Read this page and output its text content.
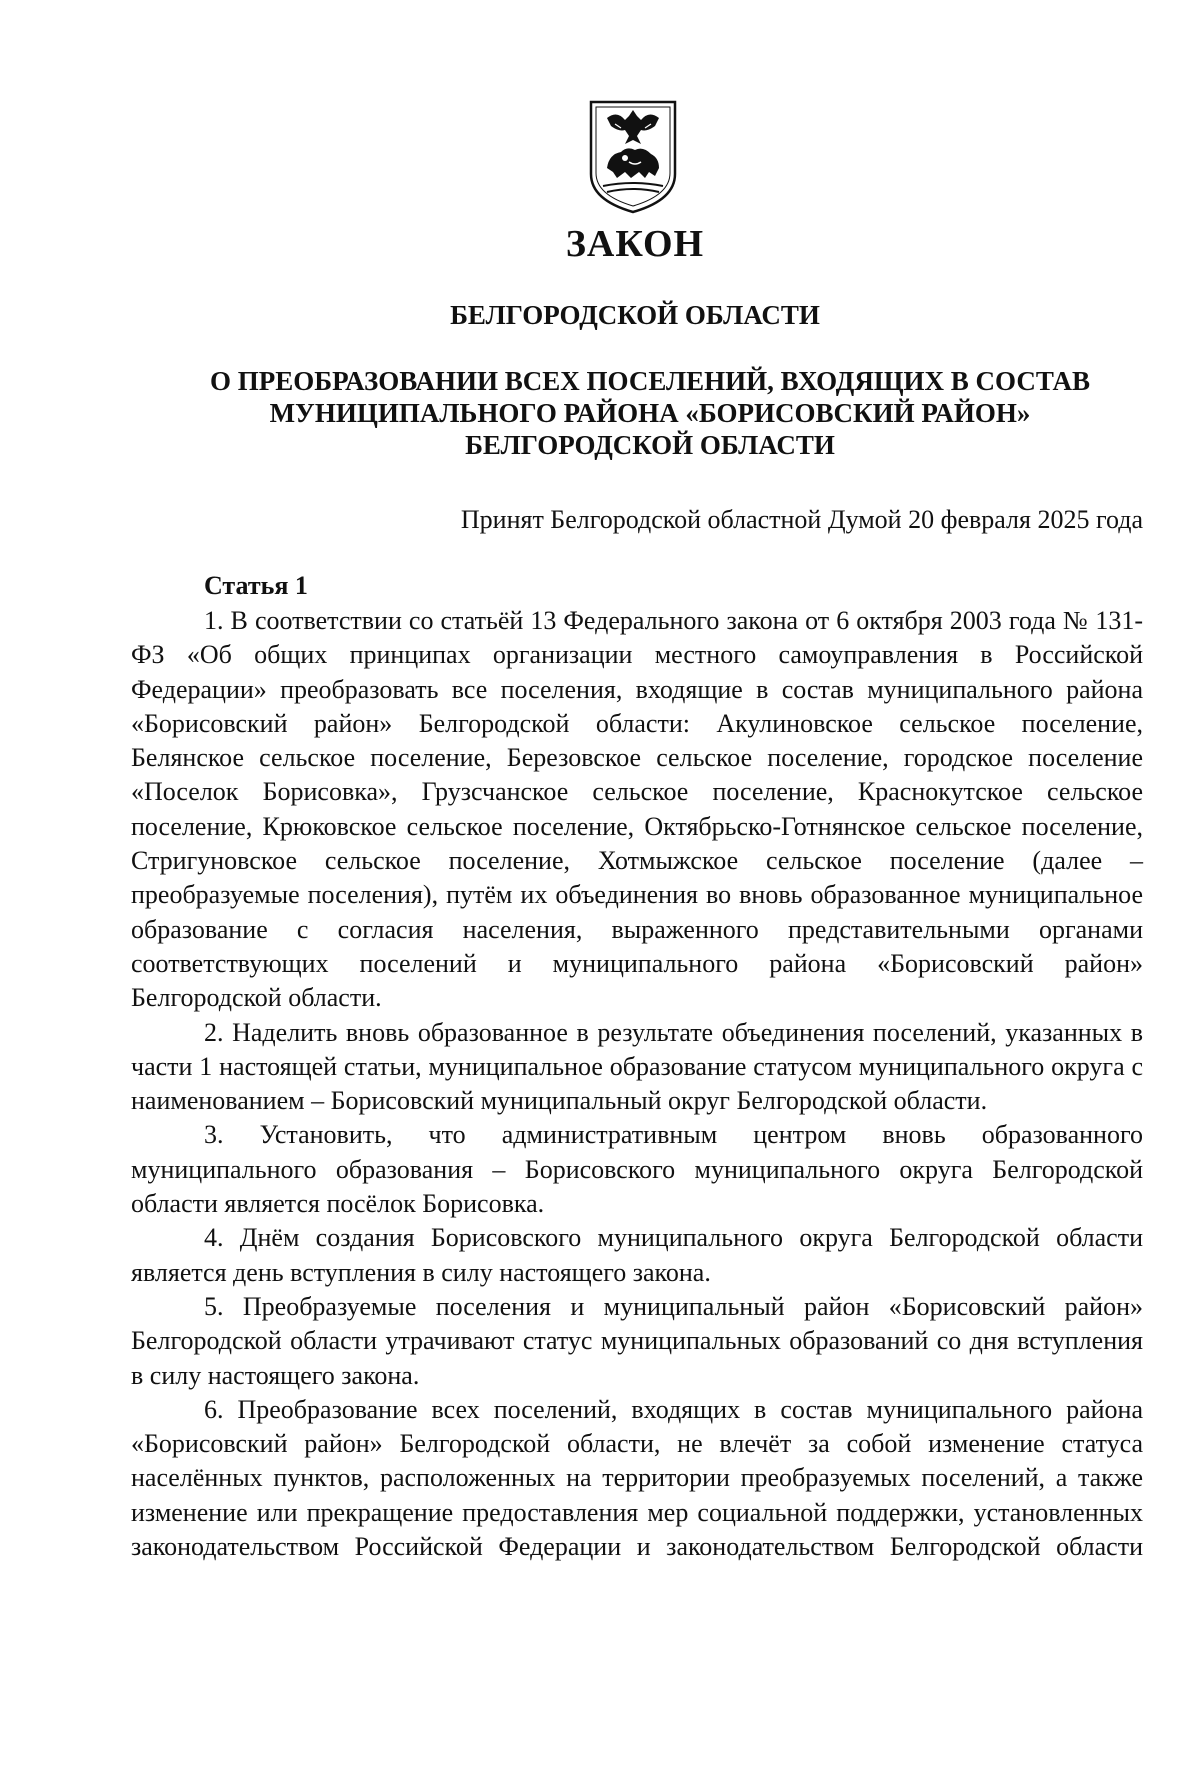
ЗАКОН
БЕЛГОРОДСКОЙ ОБЛАСТИ
О ПРЕОБРАЗОВАНИИ ВСЕХ ПОСЕЛЕНИЙ, ВХОДЯЩИХ В СОСТАВ
МУНИЦИПАЛЬНОГО РАЙОНА «БОРИСОВСКИЙ РАЙОН»
БЕЛГОРОДСКОЙ ОБЛАСТИ
Принят Белгородской областной Думой 20 февраля 2025 года
Статья 1

1. В соответствии со статьёй 13 Федерального закона от 6 октября 2003 года № 131-ФЗ «Об общих принципах организации местного самоуправления в Российской Федерации» преобразовать все поселения, входящие в состав муниципального района «Борисовский район» Белгородской области: Акулиновское сельское поселение, Белянское сельское поселение, Березовское сельское поселение, городское поселение «Поселок Борисовка», Грузсчанское сельское поселение, Краснокутское сельское поселение, Крюковское сельское поселение, Октябрьско-Готнянское сельское поселение, Стригуновское сельское поселение, Хотмыжское сельское поселение (далее – преобразуемые поселения), путём их объединения во вновь образованное муниципальное образование с согласия населения, выраженного представительными органами соответствующих поселений и муниципального района «Борисовский район» Белгородской области.

2. Наделить вновь образованное в результате объединения поселений, указанных в части 1 настоящей статьи, муниципальное образование статусом муниципального округа с наименованием – Борисовский муниципальный округ Белгородской области.

3. Установить, что административным центром вновь образованного муниципального образования – Борисовского муниципального округа Белгородской области является посёлок Борисовка.

4. Днём создания Борисовского муниципального округа Белгородской области является день вступления в силу настоящего закона.

5. Преобразуемые поселения и муниципальный район «Борисовский район» Белгородской области утрачивают статус муниципальных образований со дня вступления в силу настоящего закона.

6. Преобразование всех поселений, входящих в состав муниципального района «Борисовский район» Белгородской области, не влечёт за собой изменение статуса населённых пунктов, расположенных на территории преобразуемых поселений, а также изменение или прекращение предоставления мер социальной поддержки, установленных законодательством Российской Федерации и законодательством Белгородской области
